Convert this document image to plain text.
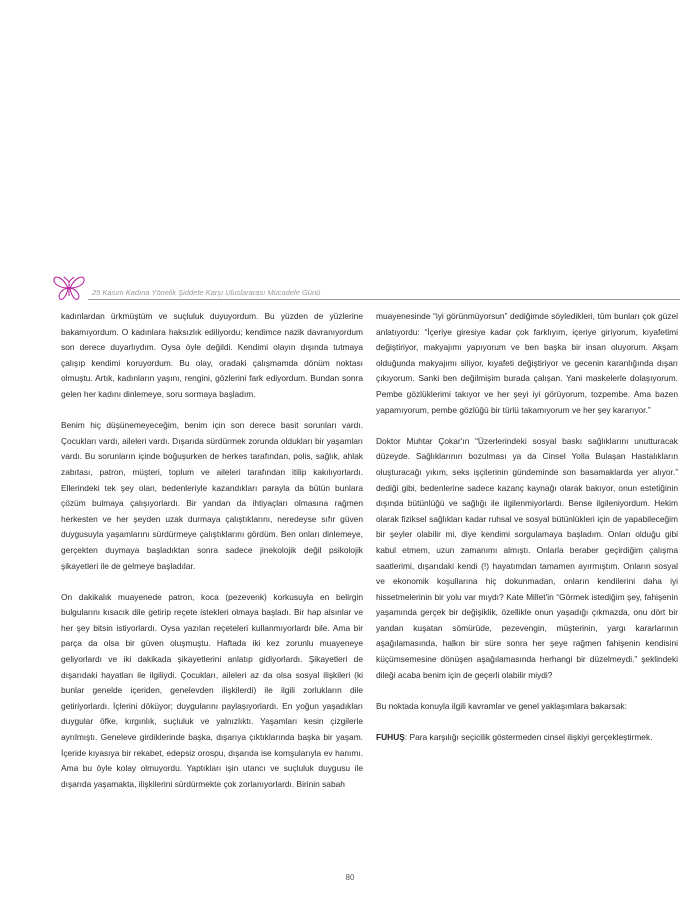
25 Kasım Kadına Yönelik Şiddete Karşı Uluslararası Mücadele Günü

kadınlardan ürkmüştüm ve suçluluk duyuyordum. Bu yüzden de yüzlerine bakamıyordum. O kadınlara haksızlık ediliyordu; kendimce nazik davranıyordum son derece duyarlıydım. Oysa öyle değildi. Kendimi olayın dışında tutmaya çalışıp kendimi koruyordum. Bu olay, oradaki çalışmamda dönüm noktası olmuştu. Artık, kadınların yaşını, rengini, gözlerini fark ediyordum. Bundan sonra gelen her kadını dinlemeye, soru sormaya başladım.

Benim hiç düşünemeyeceğim, benim için son derece basit sorunları vardı. Çocukları vardı, aileleri vardı. Dışarıda sürdürmek zorunda oldukları bir yaşamları vardı. Bu sorunların içinde boğuşurken de herkes tarafından, polis, sağlık, ahlak zabıtası, patron, müşteri, toplum ve aileleri tarafından itilip kakılıyorlardı. Ellerindeki tek şey olan, bedenleriyle kazandıkları parayla da bütün bunlara çözüm bulmaya çalışıyorlardı. Bir yandan da ihtiyaçları olmasına rağmen herkesten ve her şeyden uzak durmaya çalıştıklarını, neredeyse sıfır güven duygusuyla yaşamlarını sürdürmeye çalıştıklarını gördüm. Ben onları dinlemeye, gerçekten duymaya başladıktan sonra sadece jinekolojik değil psikolojik şikayetleri ile de gelmeye başladılar.

On dakikalık muayenede patron, koca (pezevenk) korkusuyla en belirgin bulgularını kısacık dile getirip reçete istekleri olmaya başladı. Bir hap alsınlar ve her şey bitsin istiyorlardı. Oysa yazılan reçeteleri kullanmıyorlardı bile. Ama bir parça da olsa bir güven oluşmuştu. Haftada iki kez zorunlu muayeneye geliyorlardı ve iki dakikada şikayetlerini anlatıp gidiyorlardı. Şikayetleri de dışarıdaki hayatları ile ilgiliydi. Çocukları, aileleri az da olsa sosyal ilişkileri (ki bunlar genelde içeriden, genelevden ilişkilerdi) ile ilgili zorlukların dile getiriyorlardı. İçlerini döküyor; duygularını paylaşıyorlardı. En yoğun yaşadıkları duygular öfke, kırgınlık, suçluluk ve yalnızlıktı. Yaşamları kesin çizgilerle ayrılmıştı. Geneleve girdiklerinde başka, dışarıya çıktıklarında başka bir yaşam. İçeride kıyasıya bir rekabet, edepsiz orospu, dışarıda ise komşularıyla ev hanımı. Ama bu öyle kolay olmuyordu. Yaptıkları işin utancı ve suçluluk duygusu ile dışarıda yaşamakta, ilişkilerini sürdürmekte çok zorlanıyorlardı. Birinin sabah

muayenesinde “iyi görünmüyorsun” dediğimde söyledikleri, tüm bunları çok güzel anlatıyordu: “İçeriye giresiye kadar çok farklıyım, içeriye giriyorum, kıyafetimi değiştiriyor, makyajımı yapıyorum ve ben başka bir insan oluyorum. Akşam olduğunda makyajımı siliyor, kıyafeti değiştiriyor ve gecenin karanlığında dışarı çıkıyorum. Sanki ben değilmişim burada çalışan. Yani maskelerle dolaşıyorum. Pembe gözlüklerimi takıyor ve her şeyi iyi görüyorum, tozpembe. Ama bazen yapamıyorum, pembe gözlüğü bir türlü takamıyorum ve her şey kararıyor.”

Doktor Muhtar Çokar'ın “Üzerlerindeki sosyal baskı sağlıklarını unutturacak düzeyde. Sağlıklarının bozulması ya da Cinsel Yolla Bulaşan Hastalıkların oluşturacağı yıkım, seks işçilerinin gündeminde son basamaklarda yer alıyor.” dediği gibi, bedenlerine sadece kazanç kaynağı olarak bakıyor, onun estetiğinin dışında bütünlüğü ve sağlığı ile ilgilenmiyorlardı. Bense ilgileniyordum. Hekim olarak fiziksel sağlıkları kadar ruhsal ve sosyal bütünlükleri için de yapabileceğim bir şeyler olabilir mi, diye kendimi sorgulamaya başladım. Onları olduğu gibi kabul etmem, uzun zamanımı almıştı. Onlarla beraber geçirdiğim çalışma saatlerimi, dışarıdaki kendi (!) hayatımdan tamamen ayırmıştım. Onların sosyal ve ekonomik koşullarına hiç dokunmadan, onların kendilerini daha iyi hissetmelerinin bir yolu var mıydı? Kate Millet'in “Görmek istediğim şey, fahişenin yaşamında gerçek bir değişiklik, özellikle onun yaşadığı çıkmazda, onu dört bir yandan kuşatan sömürüde, pezevengin, müşterinin, yargı kararlarının aşağılamasında, halkın bir süre sonra her şeye rağmen fahişenin kendisini küçümsemesine dönüşen aşağılamasında herhangi bir düzelmeydi.” şeklindeki dileği acaba benim için de geçerli olabilir miydi?

Bu noktada konuyla ilgili kavramlar ve genel yaklaşımlara bakarsak:

FUHUŞ: Para karşılığı seçicilik göstermeden cinsel ilişkiyi gerçekleştirmek.

80
